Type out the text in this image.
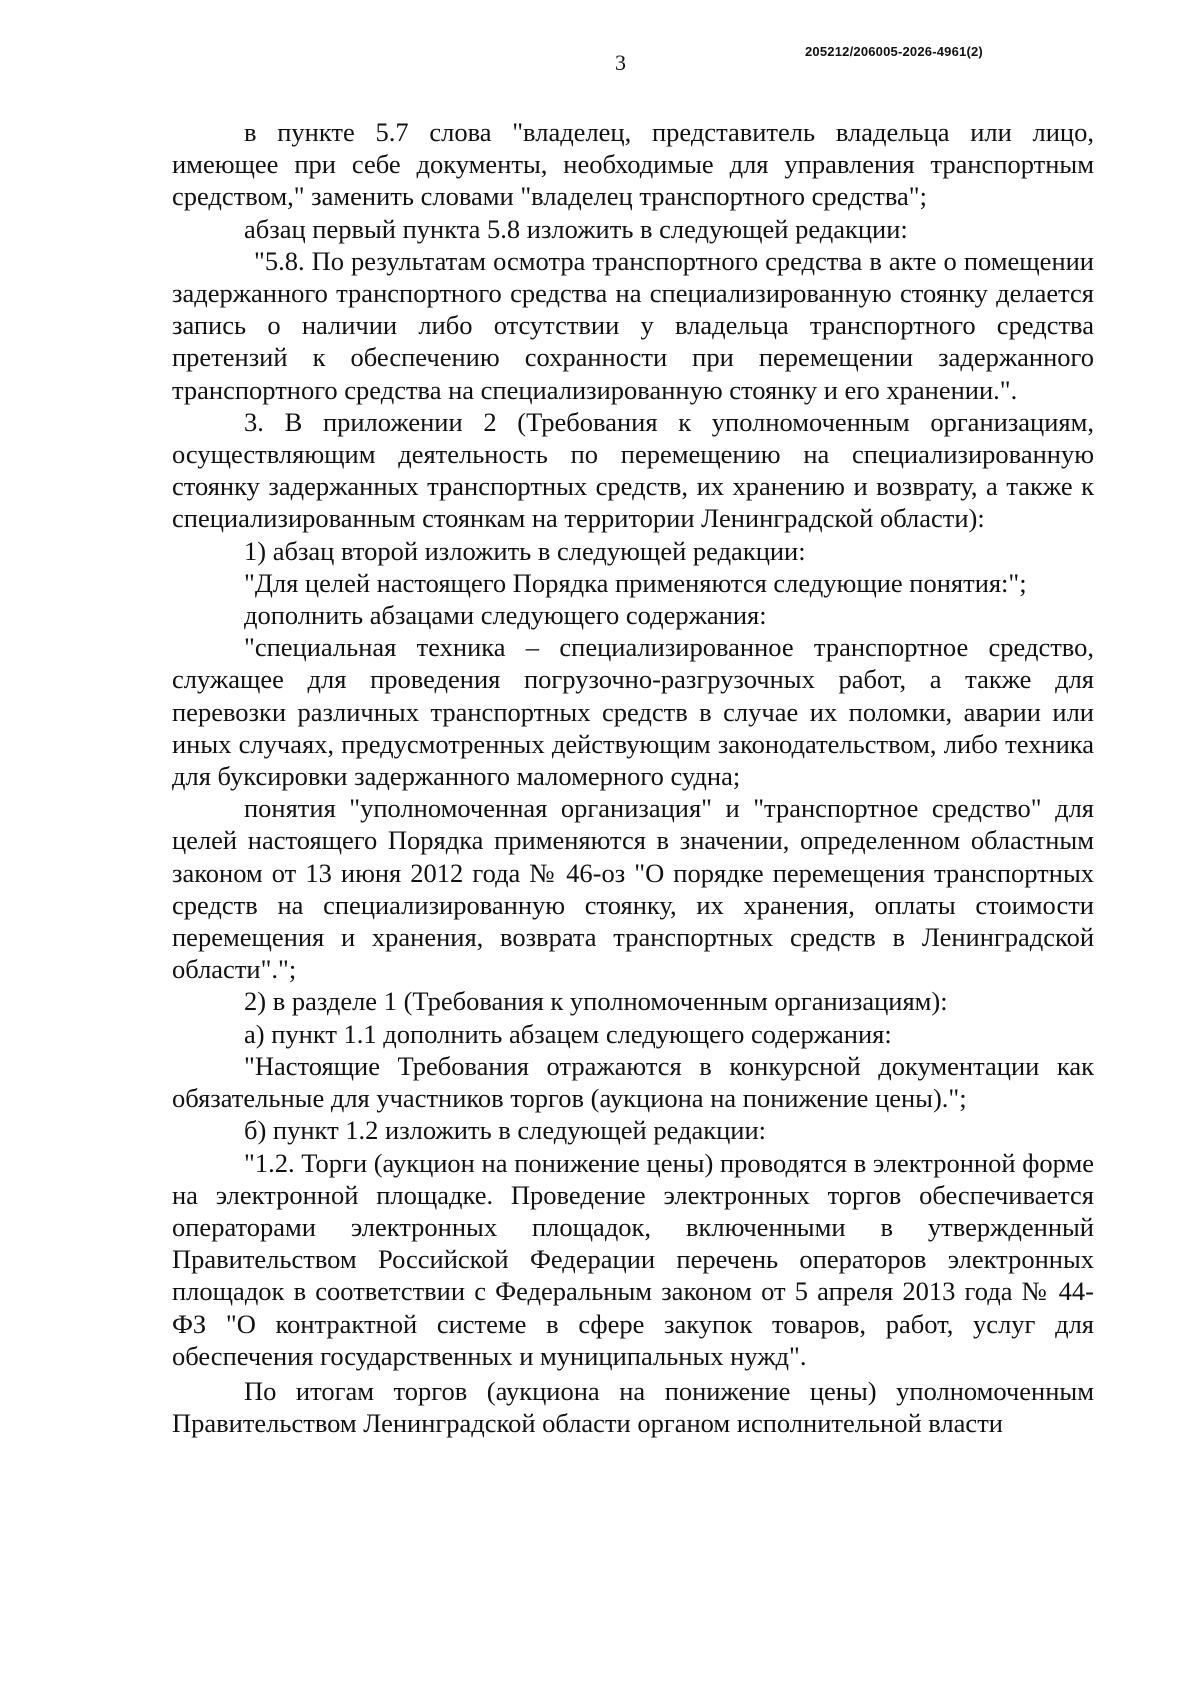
3	205212/206005-2026-4961(2)

в пункте 5.7 слова "владелец, представитель владельца или лицо, имеющее при себе документы, необходимые для управления транспортным средством," заменить словами "владелец транспортного средства";

абзац первый пункта 5.8 изложить в следующей редакции:

"5.8. По результатам осмотра транспортного средства в акте о помещении задержанного транспортного средства на специализированную стоянку делается запись о наличии либо отсутствии у владельца транспортного средства претензий к обеспечению сохранности при перемещении задержанного транспортного средства на специализированную стоянку и его хранении.".

3. В приложении 2 (Требования к уполномоченным организациям, осуществляющим деятельность по перемещению на специализированную стоянку задержанных транспортных средств, их хранению и возврату, а также к специализированным стоянкам на территории Ленинградской области):

1) абзац второй изложить в следующей редакции:

"Для целей настоящего Порядка применяются следующие понятия:";

дополнить абзацами следующего содержания:

"специальная техника – специализированное транспортное средство, служащее для проведения погрузочно-разгрузочных работ, а также для перевозки различных транспортных средств в случае их поломки, аварии или иных случаях, предусмотренных действующим законодательством, либо техника для буксировки задержанного маломерного судна;

понятия "уполномоченная организация" и "транспортное средство" для целей настоящего Порядка применяются в значении, определенном областным законом от 13 июня 2012 года № 46-оз "О порядке перемещения транспортных средств на специализированную стоянку, их хранения, оплаты стоимости перемещения и хранения, возврата транспортных средств в Ленинградской области".";

2) в разделе 1 (Требования к уполномоченным организациям):

а) пункт 1.1 дополнить абзацем следующего содержания:

"Настоящие Требования отражаются в конкурсной документации как обязательные для участников торгов (аукциона на понижение цены).";

б) пункт 1.2 изложить в следующей редакции:

"1.2. Торги (аукцион на понижение цены) проводятся в электронной форме на электронной площадке. Проведение электронных торгов обеспечивается операторами электронных площадок, включенными в утвержденный Правительством Российской Федерации перечень операторов электронных площадок в соответствии с Федеральным законом от 5 апреля 2013 года № 44-ФЗ "О контрактной системе в сфере закупок товаров, работ, услуг для обеспечения государственных и муниципальных нужд".

По итогам торгов (аукциона на понижение цены) уполномоченным Правительством Ленинградской области органом исполнительной власти
